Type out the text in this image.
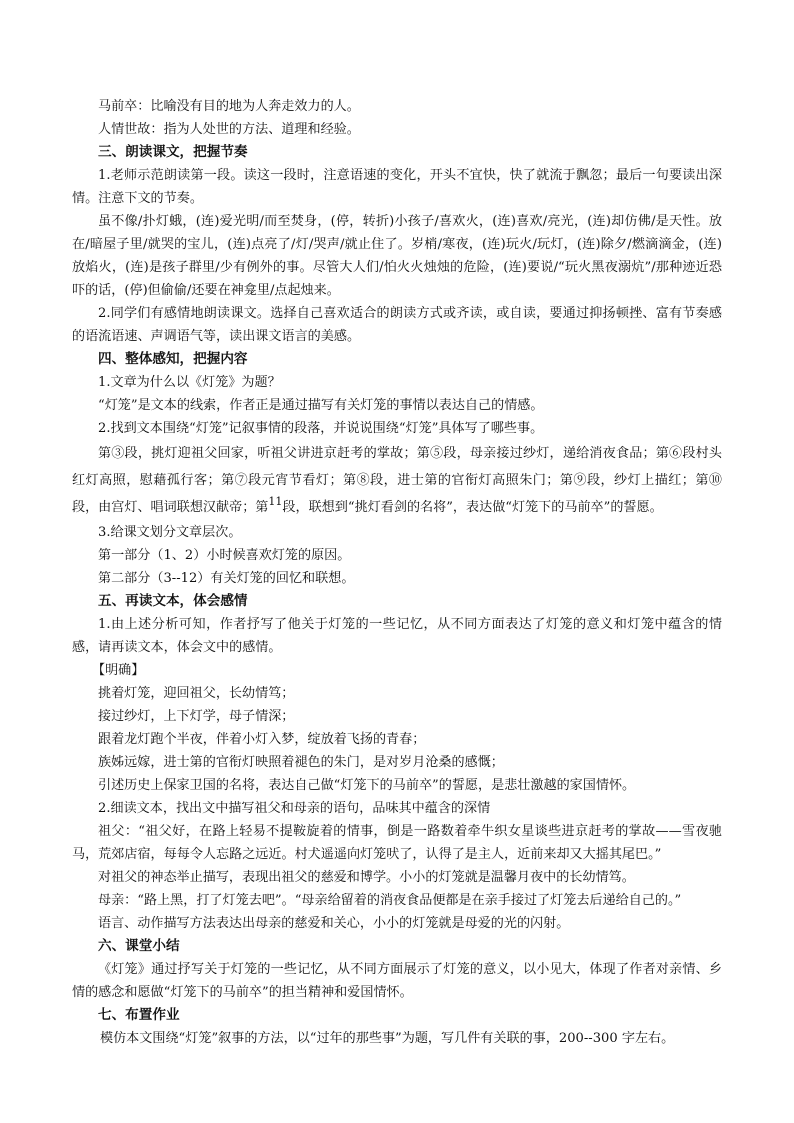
马前卒：比喻没有目的地为人奔走效力的人。

人情世故：指为人处世的方法、道理和经验。

三、朗读课文，把握节奏

1.老师示范朗读第一段。读这一段时，注意语速的变化，开头不宜快，快了就流于飘忽；最后一句要读出深情。注意下文的节奏。

虽不像/扑灯蛾，(连)爱光明/而至焚身，(停，转折)小孩子/喜欢火，(连)喜欢/亮光，(连)却仿佛/是天性。放在/暗屋子里/就哭的宝儿，(连)点亮了/灯/哭声/就止住了。岁梢/寒夜，(连)玩火/玩灯，(连)除夕/燃滴滴金，(连)放焰火，(连)是孩子群里/少有例外的事。尽管大人们/怕火火烛烛的危险，(连)要说/“玩火黑夜溺炕”/那种迹近恐吓的话，(停)但偷偷/还要在神龛里/点起烛来。

2.同学们有感情地朗读课文。选择自己喜欢适合的朗读方式或齐读，或自读，要通过抑扬顿挫、富有节奏感的语流语速、声调语气等，读出课文语言的美感。

四、整体感知，把握内容

1.文章为什么以《灯笼》为题？

“灯笼”是文本的线索，作者正是通过描写有关灯笼的事情以表达自己的情感。

2.找到文本围绕“灯笼”记叙事情的段落，并说说围绕“灯笼”具体写了哪些事。

第③段，挑灯迎祖父回家，听祖父讲进京赶考的掌故；第⑤段，母亲接过纱灯，递给消夜食品；第⑥段村头红灯高照，慰藉孤行客；第⑦段元宵节看灯；第⑧段，进士第的官衔灯高照朱门；第⑨段，纱灯上描红；第⑩段，由宫灯、唱词联想汉献帝；第$^{11}$段，联想到“挑灯看剑的名将”，表达做“灯笼下的马前卒”的誓愿。

3.给课文划分文章层次。

第一部分（1、2）小时候喜欢灯笼的原因。

第二部分（3--12）有关灯笼的回忆和联想。

五、再读文本，体会感情

1.由上述分析可知，作者抒写了他关于灯笼的一些记忆，从不同方面表达了灯笼的意义和灯笼中蕴含的情感，请再读文本，体会文中的感情。

【明确】

挑着灯笼，迎回祖父，长幼情笃；

接过纱灯，上下灯学，母子情深；

跟着龙灯跑个半夜，伴着小灯入梦，绽放着飞扬的青春；

族姊远嫁，进士第的官衔灯映照着褪色的朱门，是对岁月沧桑的感慨；

引述历史上保家卫国的名将，表达自己做“灯笼下的马前卒”的誓愿，是悲壮激越的家国情怀。

2.细读文本，找出文中描写祖父和母亲的语句，品味其中蕴含的深情

祖父：“祖父好，在路上轻易不提鞍旋着的情事，倒是一路数着牵牛织女星谈些进京赶考的掌故——雪夜驰马，荒郊店宿，每每令人忘路之远近。村犬遥遥向灯笼吠了，认得了是主人，近前来却又大摇其尾巴。”

对祖父的神态举止描写，表现出祖父的慈爱和博学。小小的灯笼就是温馨月夜中的长幼情笃。

母亲：“路上黑，打了灯笼去吧”。“母亲给留着的消夜食品便都是在亲手接过了灯笼去后递给自己的。”

语言、动作描写方法表达出母亲的慈爱和关心，小小的灯笼就是母爱的光的闪射。

六、课堂小结

《灯笼》通过抒写关于灯笼的一些记忆，从不同方面展示了灯笼的意义，以小见大，体现了作者对亲情、乡情的感念和愿做“灯笼下的马前卒”的担当精神和爱国情怀。

七、布置作业

模仿本文围绕“灯笼”叙事的方法，以“过年的那些事”为题，写几件有关联的事，200--300 字左右。
